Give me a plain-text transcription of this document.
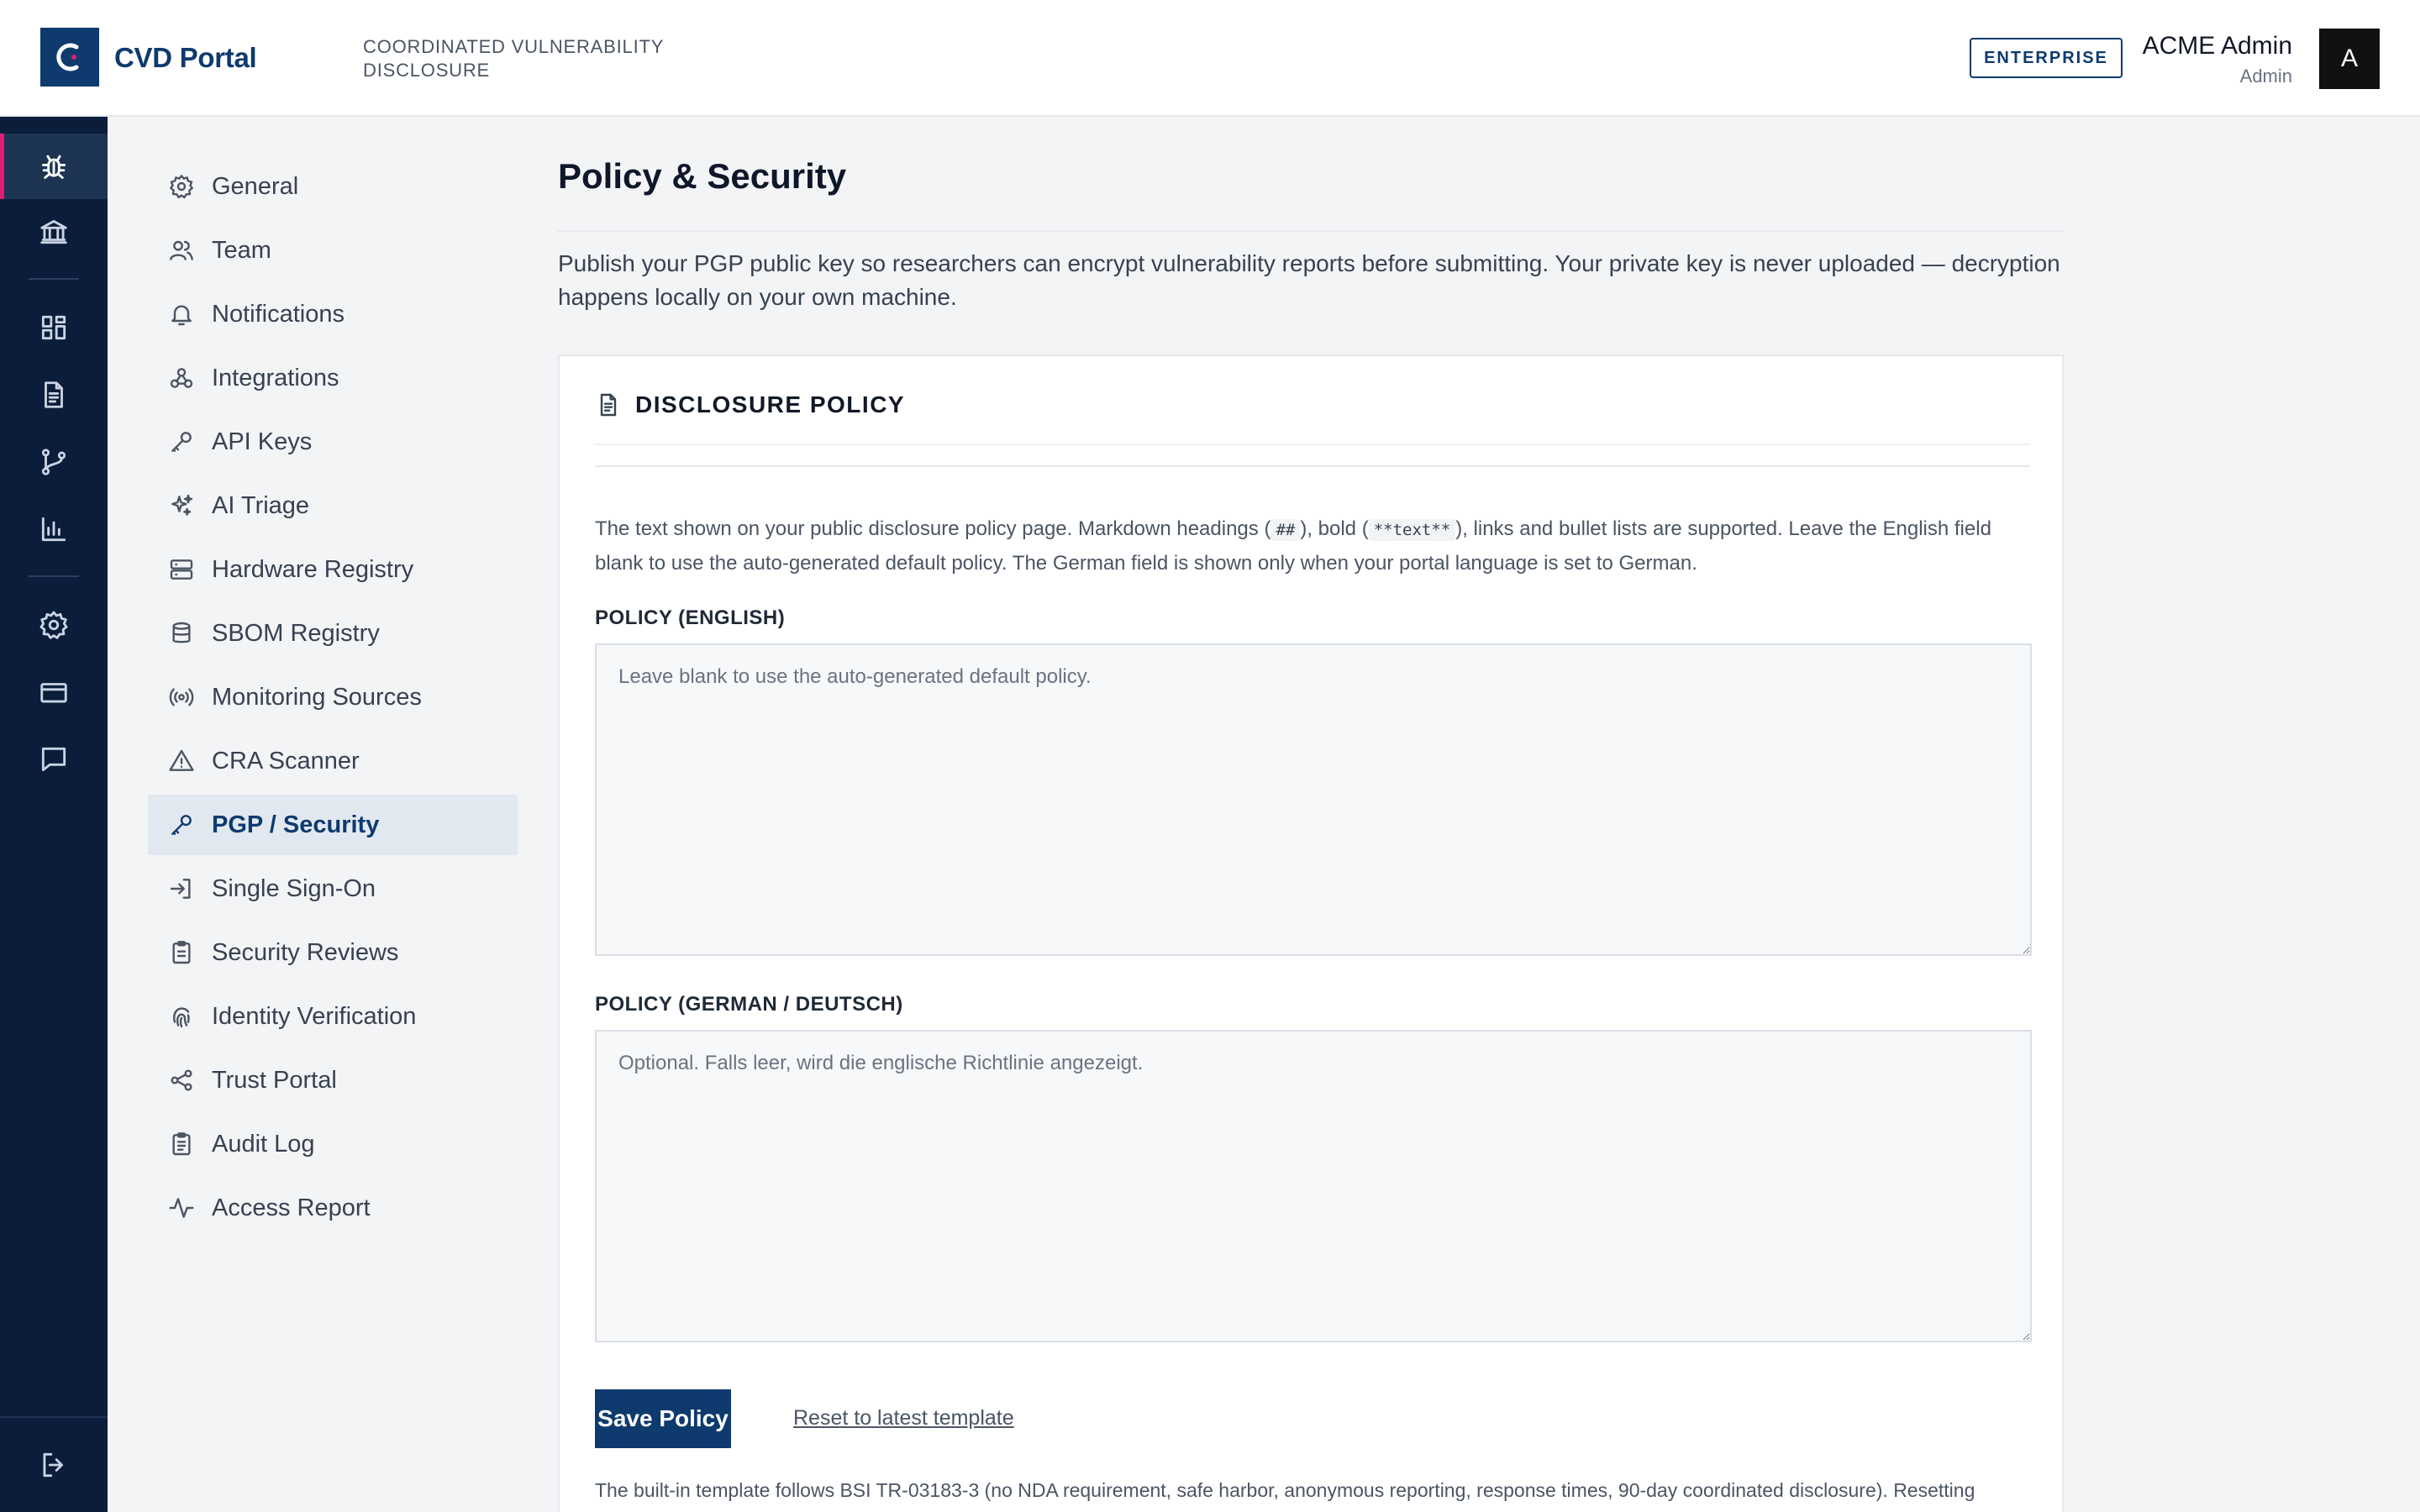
CVD Portal	COORDINATED VULNERABILITY DISCLOSURE
ENTERPRISE	ACME Admin
Admin
A
General
Team
Notifications
Integrations
API Keys
AI Triage
Hardware Registry
SBOM Registry
Monitoring Sources
CRA Scanner
PGP / Security
Single Sign-On
Security Reviews
Identity Verification
Trust Portal
Audit Log
Access Report
Policy & Security

Publish your PGP public key so researchers can encrypt vulnerability reports before submitting. Your private key is never uploaded — decryption happens locally on your own machine.

DISCLOSURE POLICY

The text shown on your public disclosure policy page. Markdown headings ( ## ), bold ( **text** ), links and bullet lists are supported. Leave the English field blank to use the auto-generated default policy. The German field is shown only when your portal language is set to German.

POLICY (ENGLISH)
Leave blank to use the auto-generated default policy.
POLICY (GERMAN / DEUTSCH)
Optional. Falls leer, wird die englische Richtlinie angezeigt.
Save Policy	Reset to latest template

The built-in template follows BSI TR-03183-3 (no NDA requirement, safe harbor, anonymous reporting, response times, 90-day coordinated disclosure). Resetting
